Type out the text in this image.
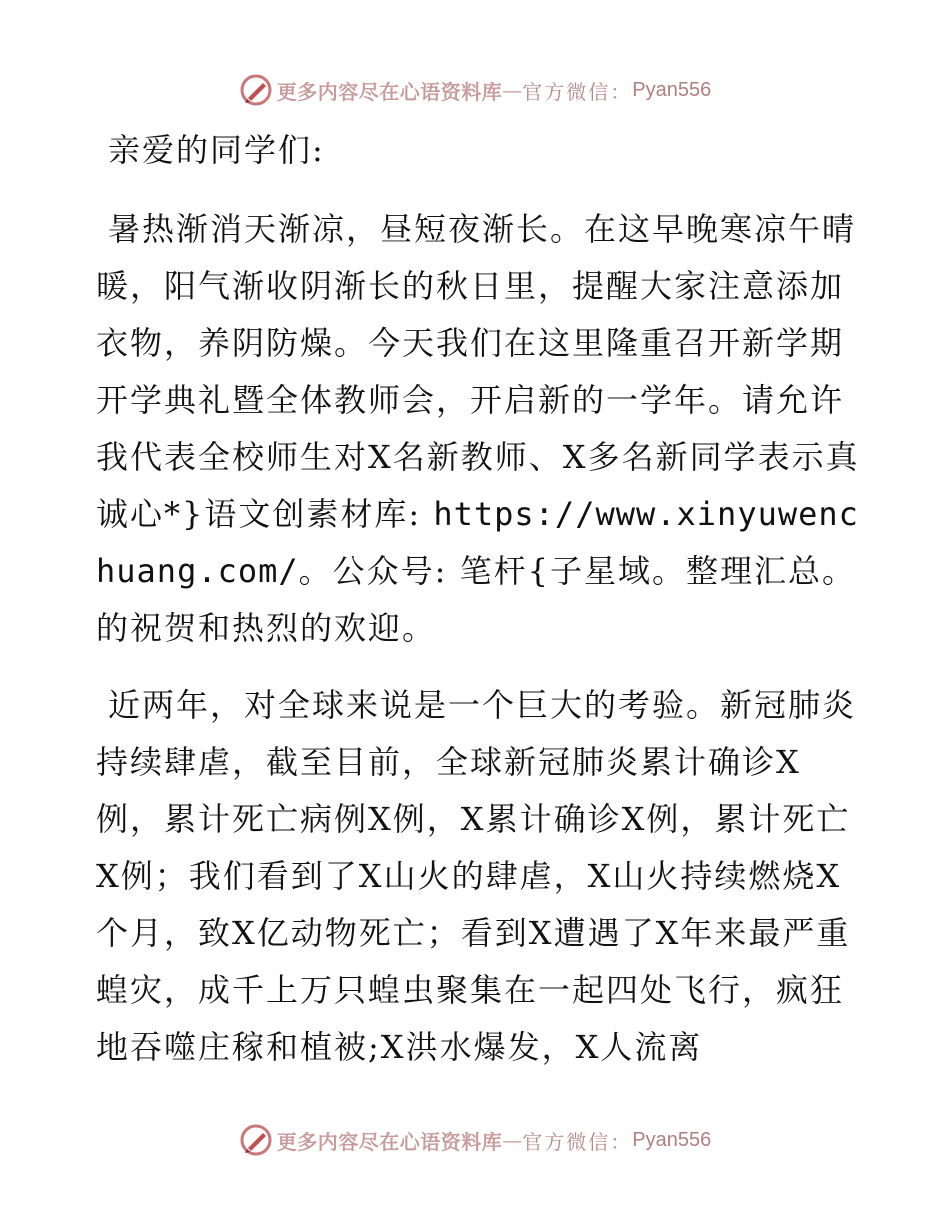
更多内容尽在心语资料库 — 官方微信： Pyan556

亲爱的同学们:

暑热渐消天渐凉，昼短夜渐长。在这早晚寒凉午晴暖，阳气渐收阴渐长的秋日里，提醒大家注意添加衣物，养阴防燥。今天我们在这里隆重召开新学期开学典礼暨全体教师会，开启新的一学年。请允许我代表全校师生对X名新教师、X多名新同学表示真诚心*}语文创素材库: https://www.xinyuwenchuang.com/。公众号: 笔杆{子星域。整理汇总。的祝贺和热烈的欢迎。

近两年，对全球来说是一个巨大的考验。新冠肺炎持续肆虐，截至目前，全球新冠肺炎累计确诊X例，累计死亡病例X例，X累计确诊X例，累计死亡X例；我们看到了X山火的肆虐，X山火持续燃烧X个月，致X亿动物死亡；看到X遭遇了X年来最严重蝗灾，成千上万只蝗虫聚集在一起四处飞行，疯狂地吞噬庄稼和植被;X洪水爆发，X人流离

更多内容尽在心语资料库 — 官方微信： Pyan556
